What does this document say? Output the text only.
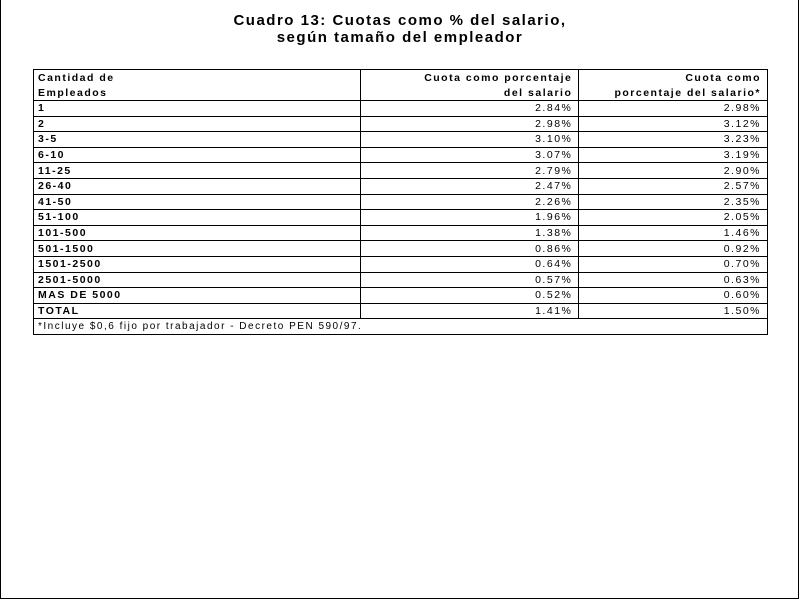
Cuadro 13: Cuotas como % del salario,
según tamaño del empleador
Cantidad de	Cuota como porcentaje	Cuota como
Empleados	del salario	porcentaje del salario*
1	2.84%	2.98%
2	2.98%	3.12%
3-5	3.10%	3.23%
6-10	3.07%	3.19%
11-25	2.79%	2.90%
26-40	2.47%	2.57%
41-50	2.26%	2.35%
51-100	1.96%	2.05%
101-500	1.38%	1.46%
501-1500	0.86%	0.92%
1501-2500	0.64%	0.70%
2501-5000	0.57%	0.63%
MAS DE 5000	0.52%	0.60%
TOTAL	1.41%	1.50%
*Incluye $0,6 fijo por trabajador - Decreto PEN 590/97.		
